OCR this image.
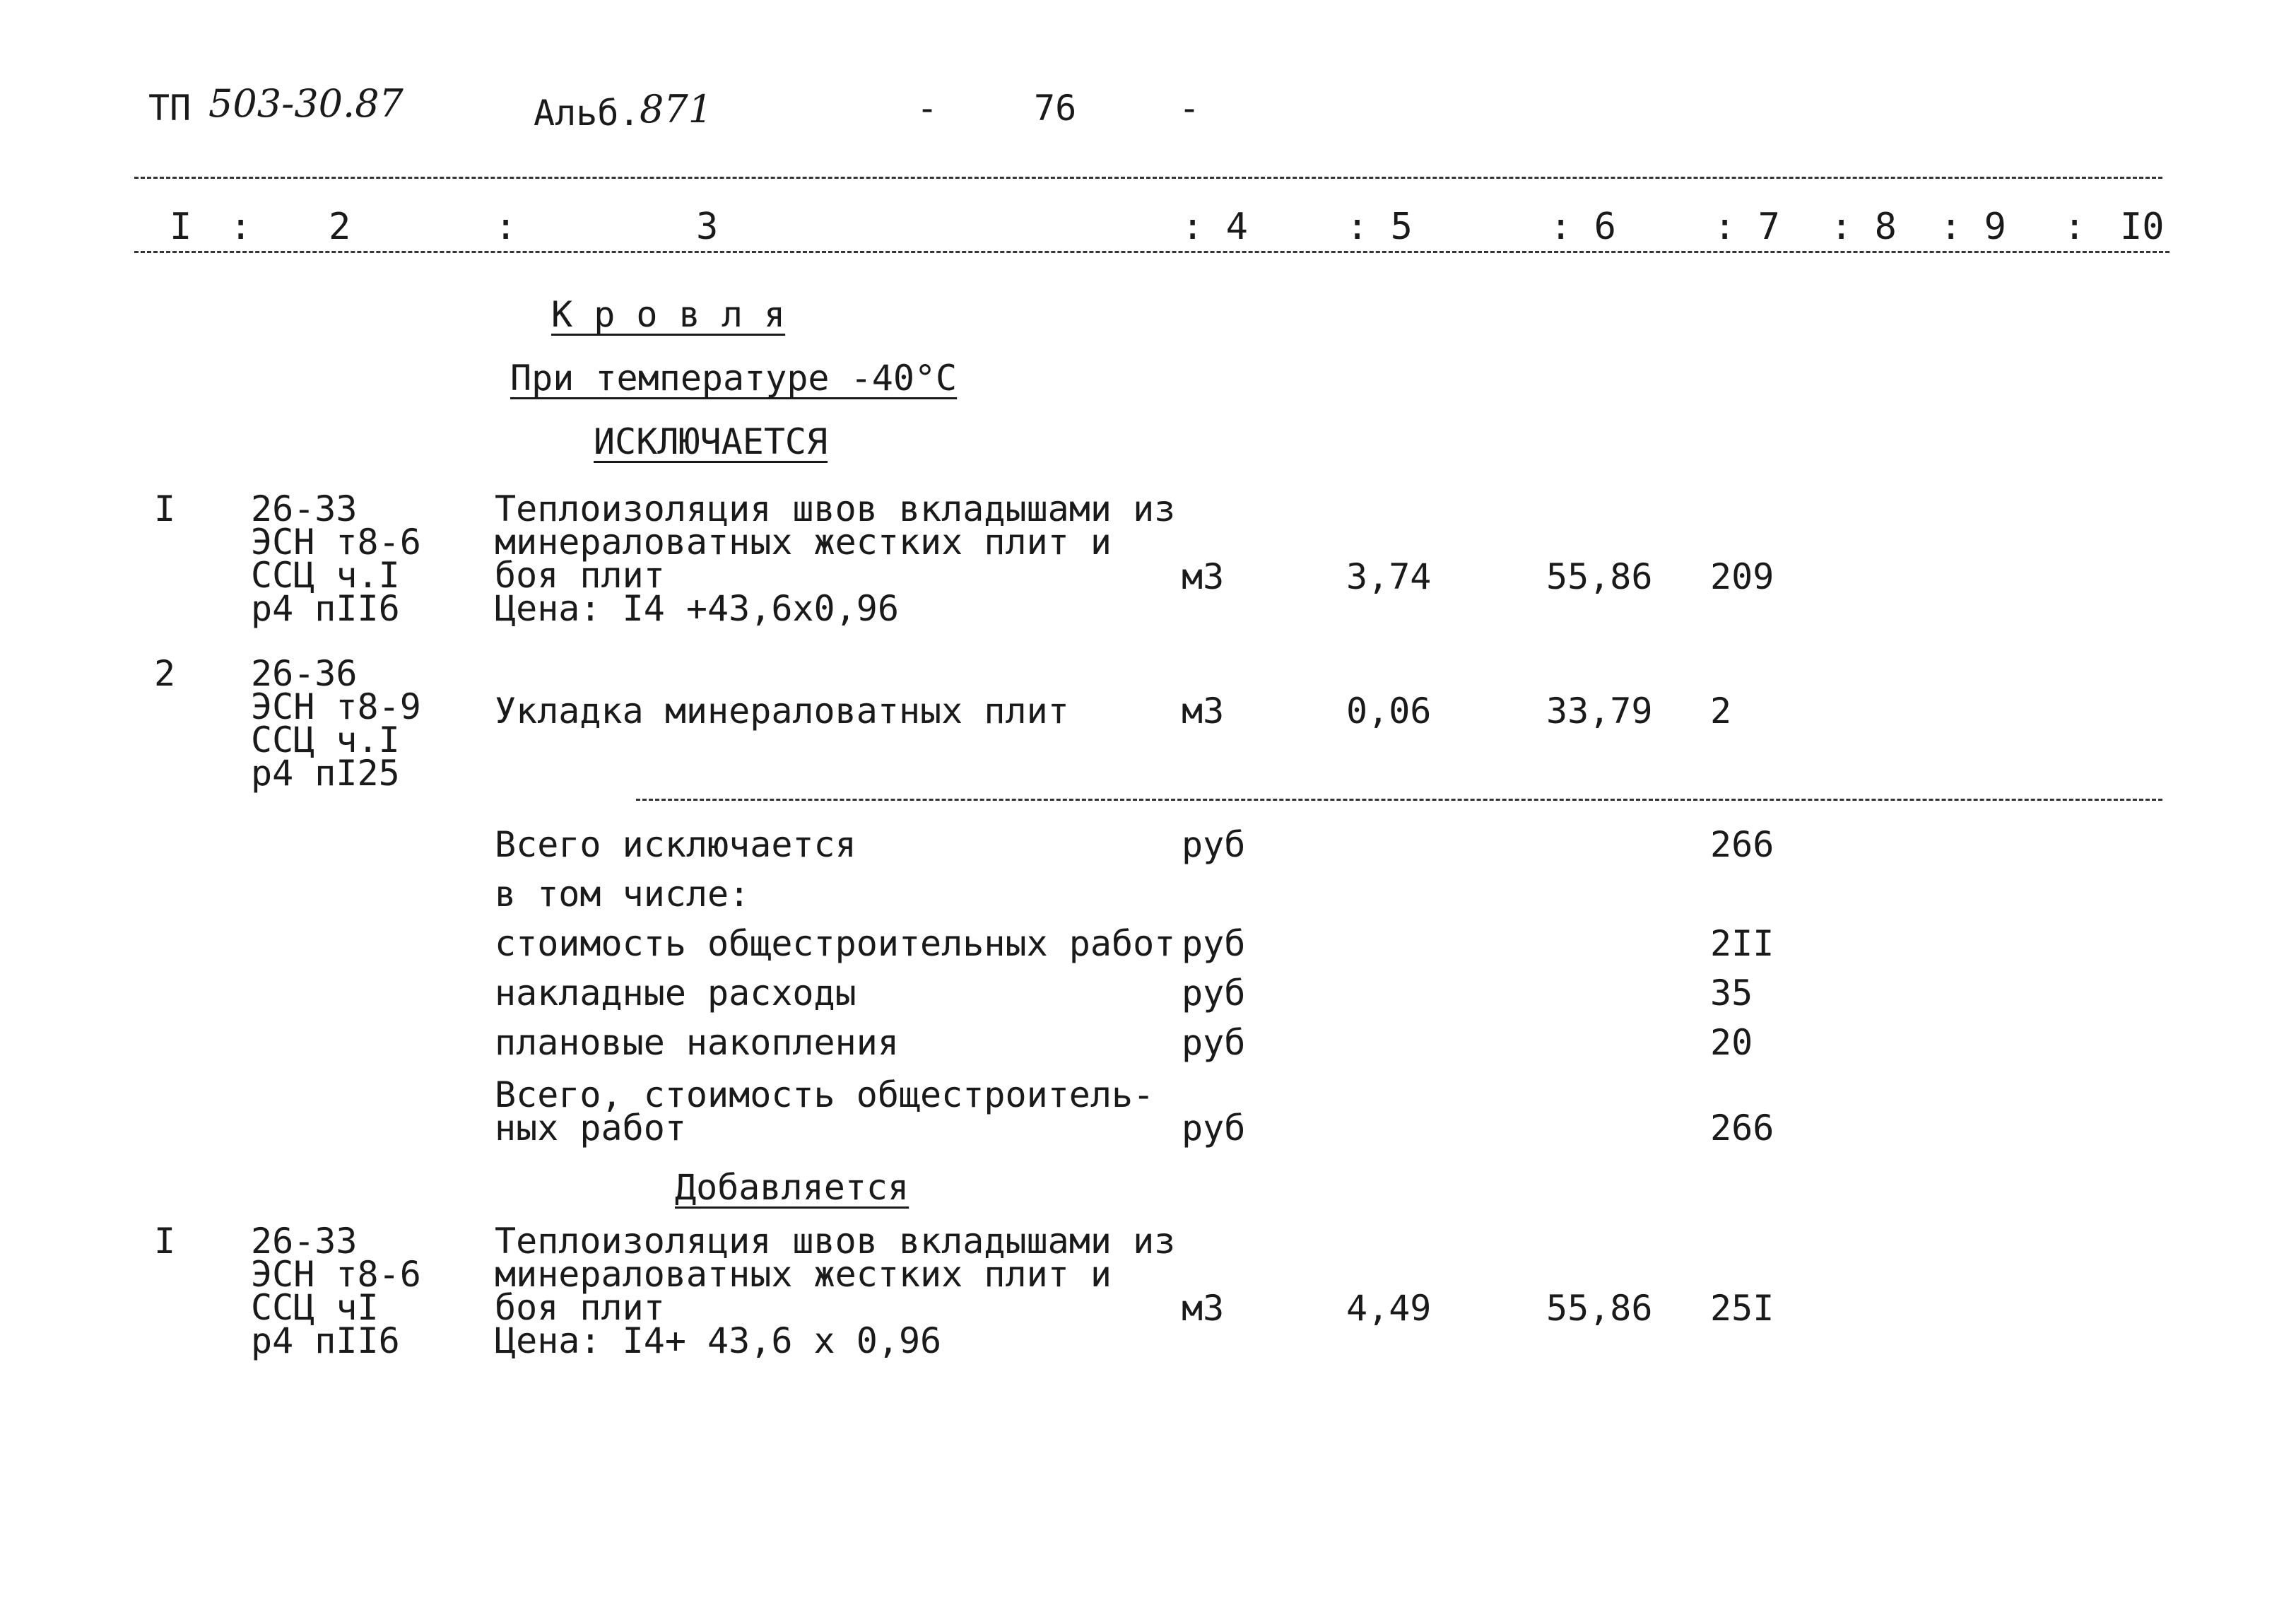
ТП 503-30.87	Альб. 871	-	76	-
I : 2	:	3	: 4	: 5	: 6	: 7 : 8 : 9 : I0
К р о в л я
При температуре -40°С
ИСКЛЮЧАЕТСЯ
I 26-33
ЭСН т8-6
ССЦ ч.I
р4 пII6
Теплоизоляция швов вкладышами из
минераловатных жестких плит и
боя плит
Цена: I4 +43,6х0,96
м3	3,74	55,86 209
2 26-36
ЭСН т8-9
ССЦ ч.I
р4 пI25
Укладка минераловатных плит	м3	0,06	33,79 2
Всего исключается	руб	266
в том числе:
стоимость общестроительных работ руб	2II
накладные расходы	руб	35
плановые накопления	руб	20
Всего, стоимость общестроитель-
ных работ	руб	266
Добавляется
I 26-33
ЭСН т8-6
ССЦ чI
р4 пII6
Теплоизоляция швов вкладышами из
минераловатных жестких плит и
боя плит
Цена: I4+ 43,6 х 0,96
м3	4,49	55,86 25I
